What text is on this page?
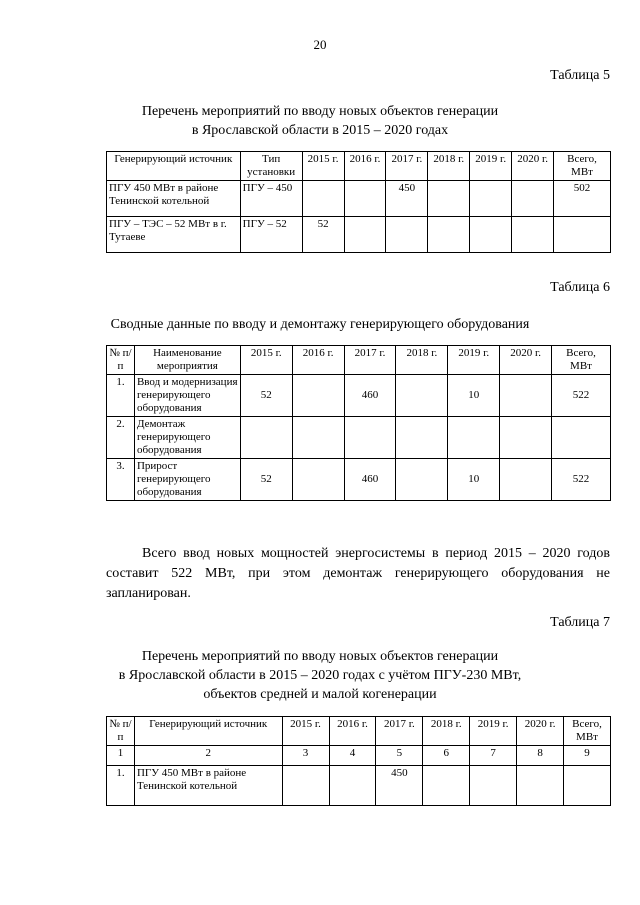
20
Таблица 5
Перечень мероприятий по вводу новых объектов генерации
в Ярославской области в 2015 – 2020 годах
Генерирующий источник	Тип установки	2015 г.	2016 г.	2017 г.	2018 г.	2019 г.	2020 г.	Всего, МВт
ПГУ 450 МВт в районе Тенинской котельной	ПГУ – 450			450				502
ПГУ – ТЭС – 52 МВт в г. Тутаеве	ПГУ – 52	52						
Таблица 6
Сводные данные по вводу и демонтажу генерирующего оборудования
№ п/п	Наименование мероприятия	2015 г.	2016 г.	2017 г.	2018 г.	2019 г.	2020 г.	Всего, МВт
1.	Ввод и модернизация генерирующего оборудования	52		460		10		522
2.	Демонтаж генерирующего оборудования							
3.	Прирост генерирующего оборудования	52		460		10		522
Всего ввод новых мощностей энергосистемы в период 2015 – 2020 годов составит 522 МВт, при этом демонтаж генерирующего оборудования не запланирован.
Таблица 7
Перечень мероприятий по вводу новых объектов генерации
в Ярославской области в 2015 – 2020 годах с учётом ПГУ-230 МВт,
объектов средней и малой когенерации
№ п/п	Генерирующий источник	2015 г.	2016 г.	2017 г.	2018 г.	2019 г.	2020 г.	Всего, МВт
1	2	3	4	5	6	7	8	9
1.	ПГУ 450 МВт в районе Тенинской котельной			450				
